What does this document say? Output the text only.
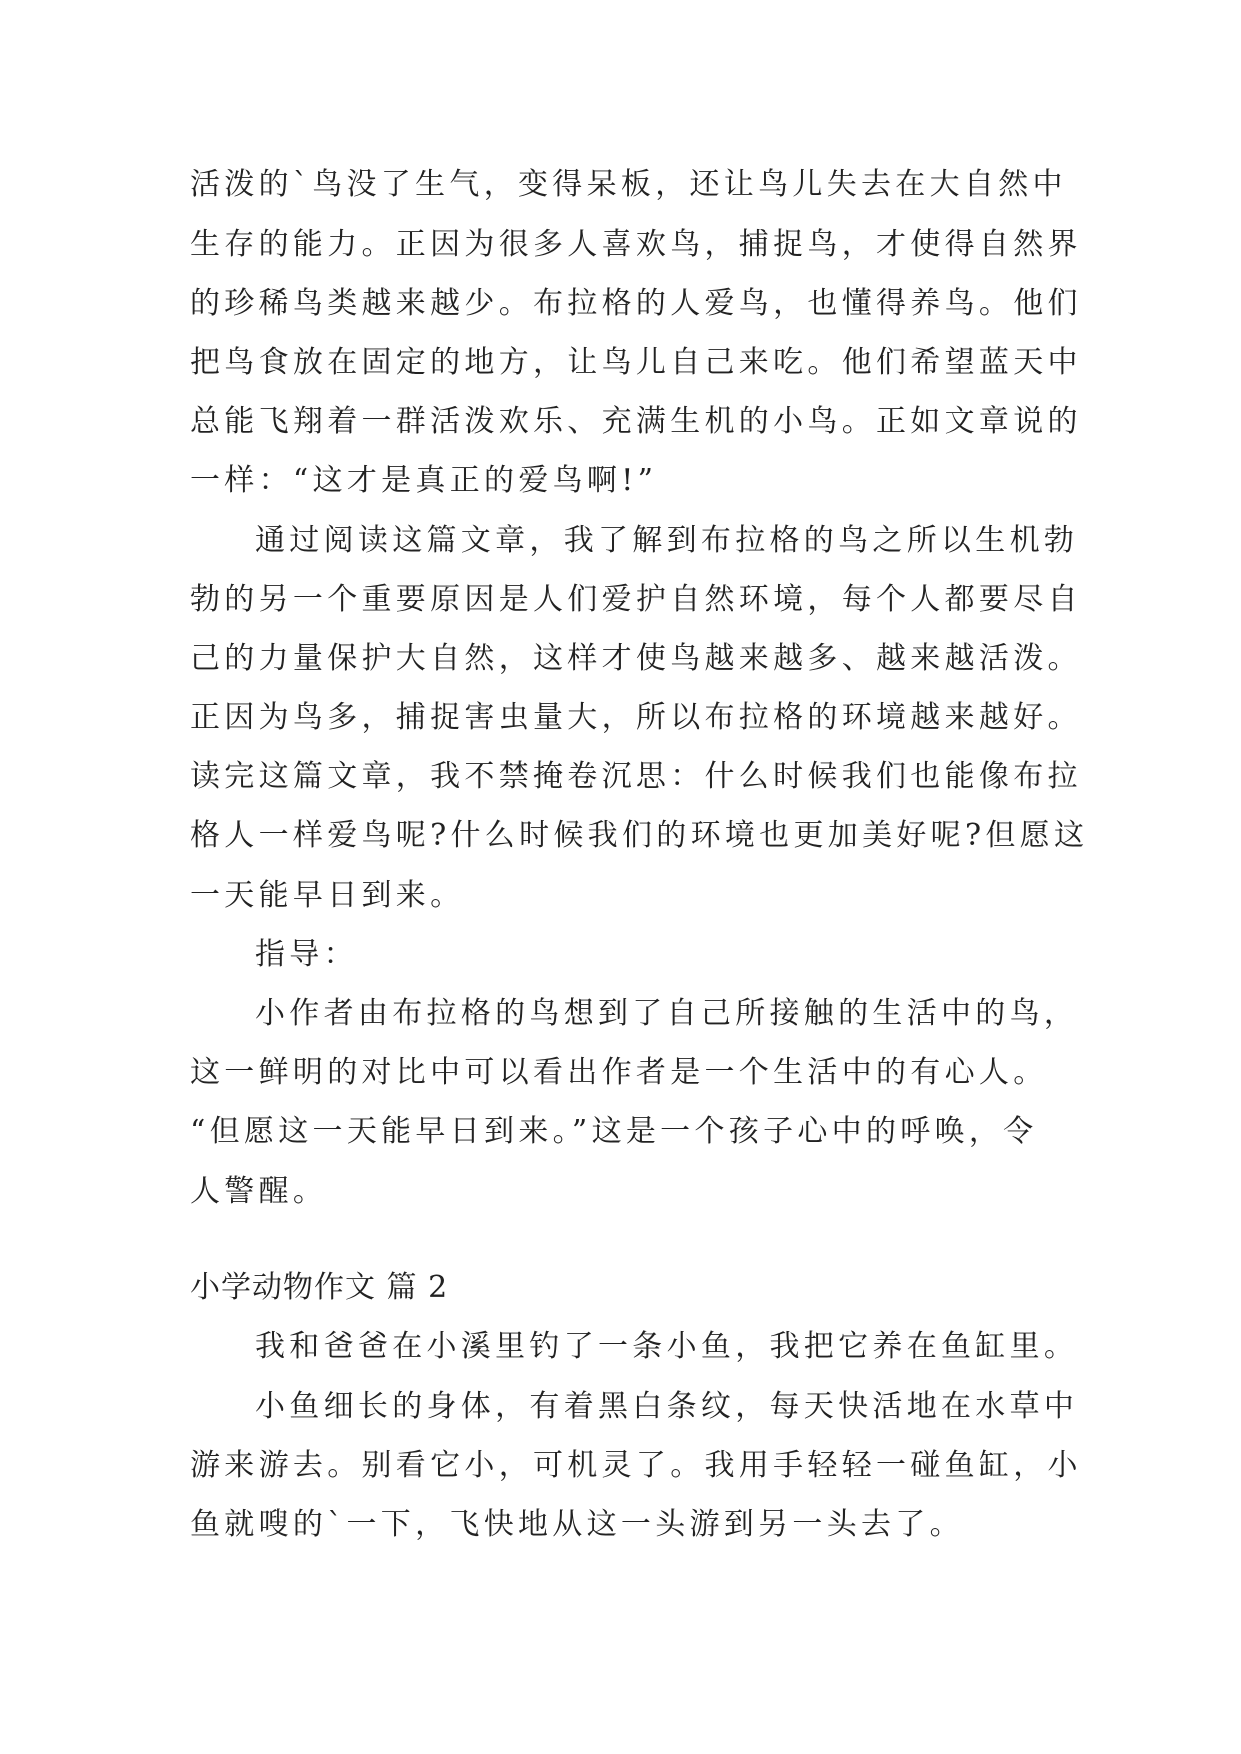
活泼的`鸟没了生气，变得呆板，还让鸟儿失去在大自然中
生存的能力。正因为很多人喜欢鸟，捕捉鸟，才使得自然界
的珍稀鸟类越来越少。布拉格的人爱鸟，也懂得养鸟。他们
把鸟食放在固定的地方，让鸟儿自己来吃。他们希望蓝天中
总能飞翔着一群活泼欢乐、充满生机的小鸟。正如文章说的
一样：“这才是真正的爱鸟啊!”
通过阅读这篇文章，我了解到布拉格的鸟之所以生机勃
勃的另一个重要原因是人们爱护自然环境，每个人都要尽自
己的力量保护大自然，这样才使鸟越来越多、越来越活泼。
正因为鸟多，捕捉害虫量大，所以布拉格的环境越来越好。
读完这篇文章，我不禁掩卷沉思：什么时候我们也能像布拉
格人一样爱鸟呢?什么时候我们的环境也更加美好呢?但愿这
一天能早日到来。
指导：
小作者由布拉格的鸟想到了自己所接触的生活中的鸟，
这一鲜明的对比中可以看出作者是一个生活中的有心人。
“但愿这一天能早日到来。”这是一个孩子心中的呼唤，令
人警醒。
小学动物作文 篇 2
我和爸爸在小溪里钓了一条小鱼，我把它养在鱼缸里。
小鱼细长的身体，有着黑白条纹，每天快活地在水草中
游来游去。别看它小，可机灵了。我用手轻轻一碰鱼缸，小
鱼就嗖的`一下，飞快地从这一头游到另一头去了。
